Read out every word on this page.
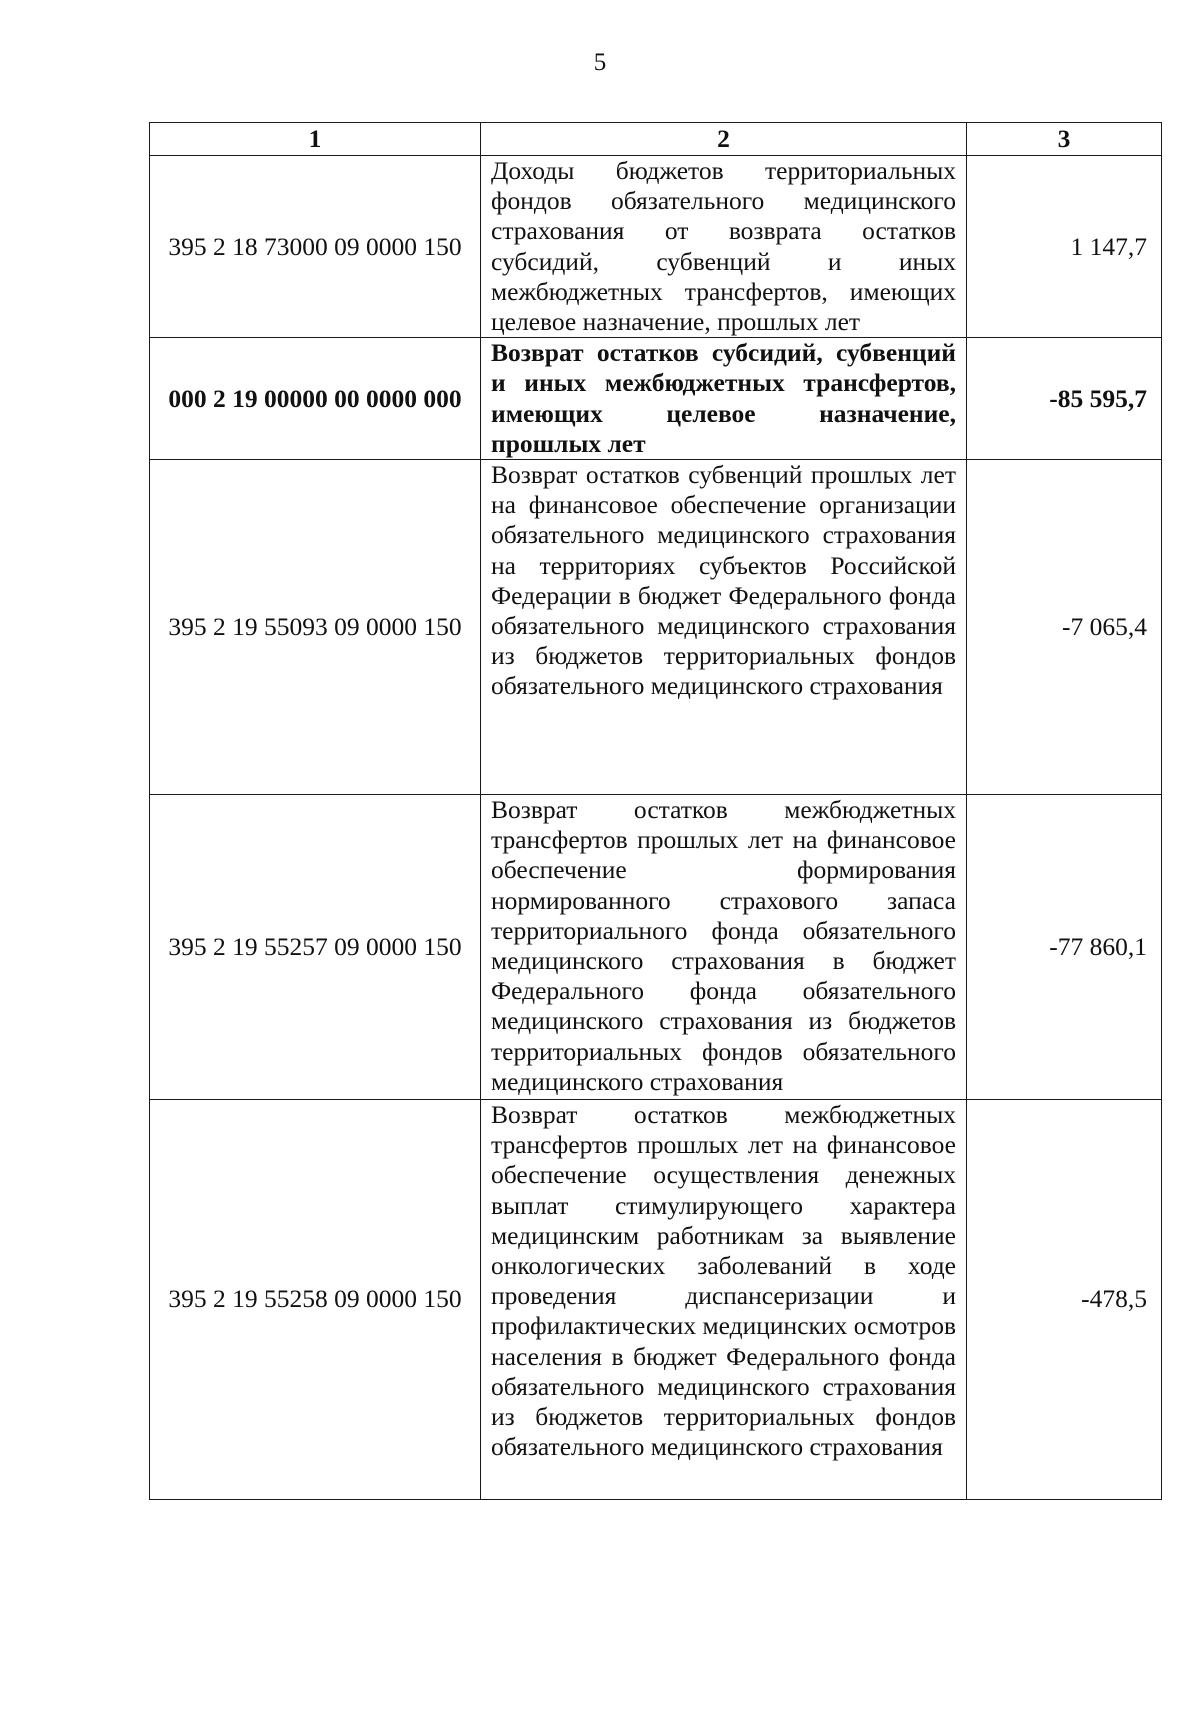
5
1	2	3
395 2 18 73000 09 0000 150	Доходы бюджетов территориальных фондов обязательного медицинского страхования от возврата остатков субсидий, субвенций и иных межбюджетных трансфертов, имеющих целевое назначение, прошлых лет	1 147,7
000 2 19 00000 00 0000 000	Возврат остатков субсидий, субвенций и иных межбюджетных трансфертов, имеющих целевое назначение, прошлых лет	-85 595,7
395 2 19 55093 09 0000 150	Возврат остатков субвенций прошлых лет на финансовое обеспечение организации обязательного медицинского страхования на территориях субъектов Российской Федерации в бюджет Федерального фонда обязательного медицинского страхования из бюджетов территориальных фондов обязательного медицинского страхования	-7 065,4
395 2 19 55257 09 0000 150	Возврат остатков межбюджетных трансфертов прошлых лет на финансовое обеспечение формирования нормированного страхового запаса территориального фонда обязательного медицинского страхования в бюджет Федерального фонда обязательного медицинского страхования из бюджетов территориальных фондов обязательного медицинского страхования	-77 860,1
395 2 19 55258 09 0000 150	Возврат остатков межбюджетных трансфертов прошлых лет на финансовое обеспечение осуществления денежных выплат стимулирующего характера медицинским работникам за выявление онкологических заболеваний в ходе проведения диспансеризации и профилактических медицинских осмотров населения в бюджет Федерального фонда обязательного медицинского страхования из бюджетов территориальных фондов обязательного медицинского страхования	-478,5
